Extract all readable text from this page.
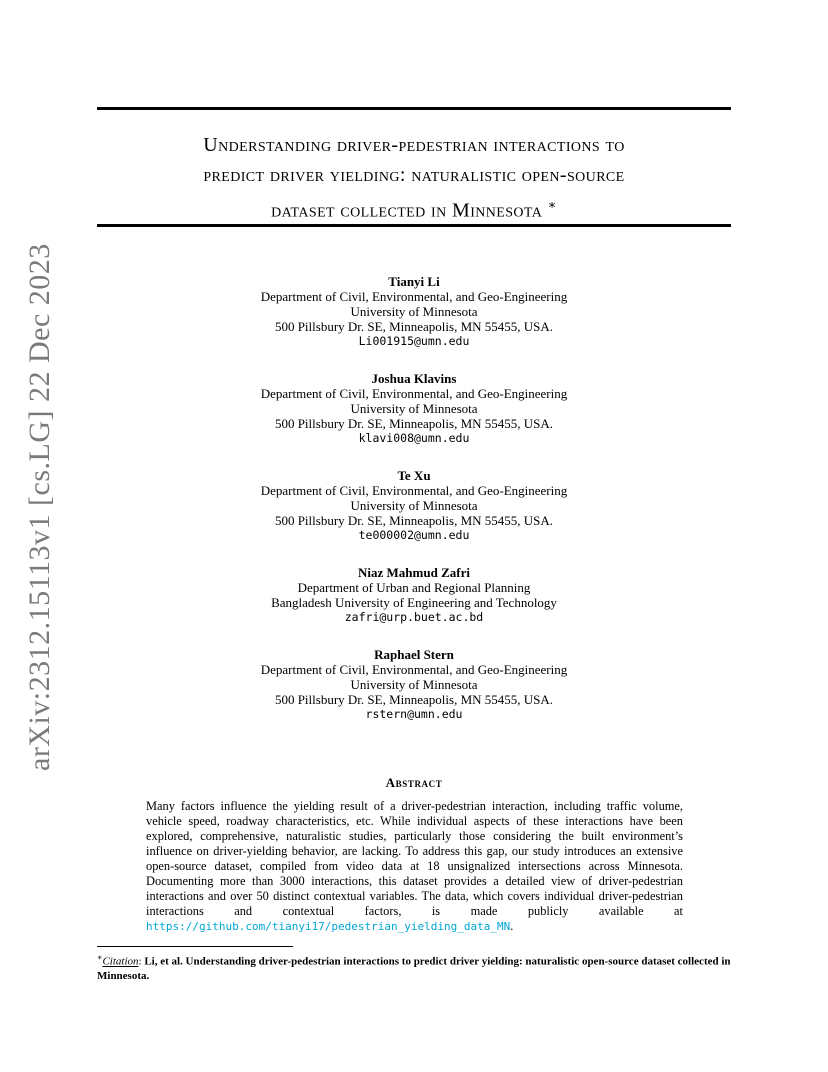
Understanding driver-pedestrian interactions to
predict driver yielding: naturalistic open-source
dataset collected in Minnesota ∗
arXiv:2312.15113v1 [cs.LG] 22 Dec 2023	Tianyi Li
Department of Civil, Environmental, and Geo-Engineering
University of Minnesota
500 Pillsbury Dr. SE, Minneapolis, MN 55455, USA.
Li001915@umn.edu
Joshua Klavins
Department of Civil, Environmental, and Geo-Engineering
University of Minnesota
500 Pillsbury Dr. SE, Minneapolis, MN 55455, USA.
klavi008@umn.edu
Te Xu
Department of Civil, Environmental, and Geo-Engineering
University of Minnesota
500 Pillsbury Dr. SE, Minneapolis, MN 55455, USA.
te000002@umn.edu
Niaz Mahmud Zafri
Department of Urban and Regional Planning
Bangladesh University of Engineering and Technology
zafri@urp.buet.ac.bd
Raphael Stern
Department of Civil, Environmental, and Geo-Engineering
University of Minnesota
500 Pillsbury Dr. SE, Minneapolis, MN 55455, USA.
rstern@umn.edu
Abstract
Many factors influence the yielding result of a driver-pedestrian interaction, including traffic volume, vehicle speed, roadway characteristics, etc. While individual aspects of these interactions have been explored, comprehensive, naturalistic studies, particularly those considering the built environment’s influence on driver-yielding behavior, are lacking. To address this gap, our study introduces an extensive open-source dataset, compiled from video data at 18 unsignalized intersections across Minnesota. Documenting more than 3000 interactions, this dataset provides a detailed view of driver-pedestrian interactions and over 50 distinct contextual variables. The data, which covers individual driver-pedestrian interactions and contextual factors, is made publicly available at https://github.com/tianyi17/pedestrian_yielding_data_MN.
∗Citation: Li, et al. Understanding driver-pedestrian interactions to predict driver yielding: naturalistic open-source dataset collected in Minnesota.
